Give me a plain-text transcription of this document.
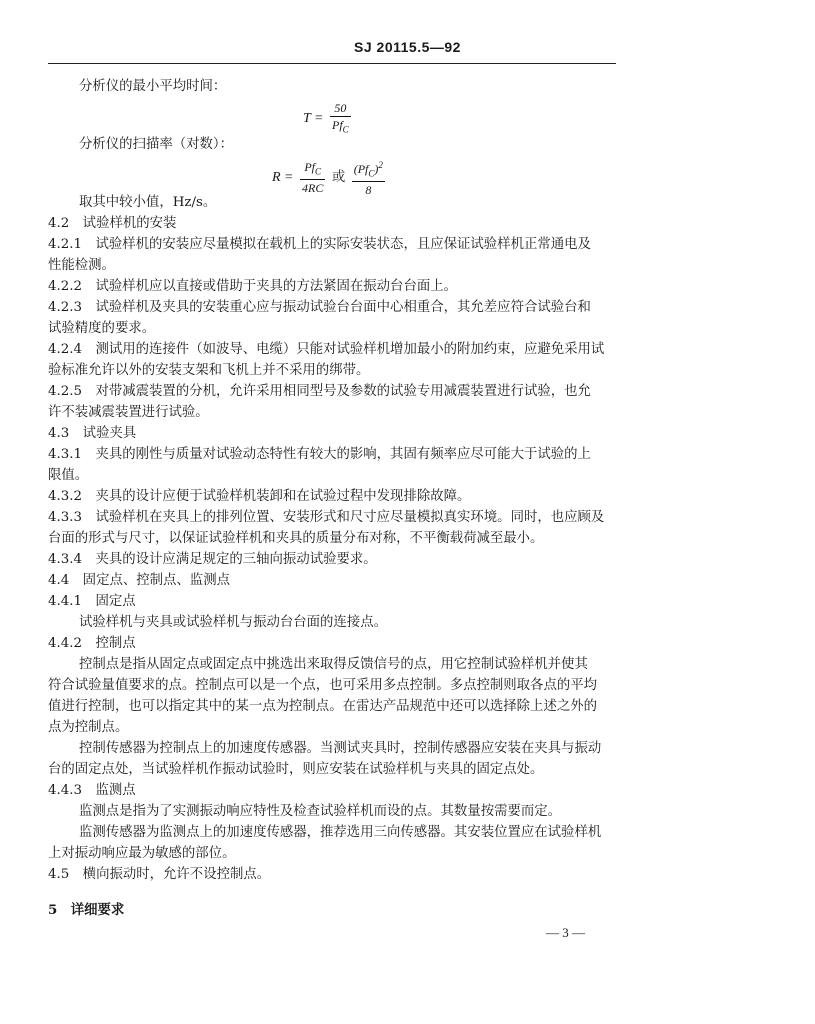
SJ 20115.5—92
分析仪的最小平均时间：
$T = \frac{50}{Pf_C}$
分析仪的扫描率（对数）：
$R = \frac{Pf_C}{4RC}$ 或 $\frac{(Pf_C)^2}{8}$
取其中较小值，Hz/s。
4.2　试验样机的安装
4.2.1　试验样机的安装应尽量模拟在载机上的实际安装状态，且应保证试验样机正常通电及
性能检测。
4.2.2　试验样机应以直接或借助于夹具的方法紧固在振动台台面上。
4.2.3　试验样机及夹具的安装重心应与振动试验台台面中心相重合，其允差应符合试验台和
试验精度的要求。
4.2.4　测试用的连接件（如波导、电缆）只能对试验样机增加最小的附加约束，应避免采用试
验标准允许以外的安装支架和飞机上并不采用的绑带。
4.2.5　对带减震装置的分机，允许采用相同型号及参数的试验专用减震装置进行试验，也允
许不装减震装置进行试验。
4.3　试验夹具
4.3.1　夹具的刚性与质量对试验动态特性有较大的影响，其固有频率应尽可能大于试验的上
限值。
4.3.2　夹具的设计应便于试验样机装卸和在试验过程中发现排除故障。
4.3.3　试验样机在夹具上的排列位置、安装形式和尺寸应尽量模拟真实环境。同时，也应顾及
台面的形式与尺寸，以保证试验样机和夹具的质量分布对称，不平衡载荷减至最小。
4.3.4　夹具的设计应满足规定的三轴向振动试验要求。
4.4　固定点、控制点、监测点
4.4.1　固定点
试验样机与夹具或试验样机与振动台台面的连接点。
4.4.2　控制点
控制点是指从固定点或固定点中挑选出来取得反馈信号的点，用它控制试验样机并使其
符合试验量值要求的点。控制点可以是一个点，也可采用多点控制。多点控制则取各点的平均
值进行控制，也可以指定其中的某一点为控制点。在雷达产品规范中还可以选择除上述之外的
点为控制点。
控制传感器为控制点上的加速度传感器。当测试夹具时，控制传感器应安装在夹具与振动
台的固定点处，当试验样机作振动试验时，则应安装在试验样机与夹具的固定点处。
4.4.3　监测点
监测点是指为了实测振动响应特性及检查试验样机而设的点。其数量按需要而定。
监测传感器为监测点上的加速度传感器，推荐选用三向传感器。其安装位置应在试验样机
上对振动响应最为敏感的部位。
4.5　横向振动时，允许不设控制点。
5　详细要求
— 3 —
